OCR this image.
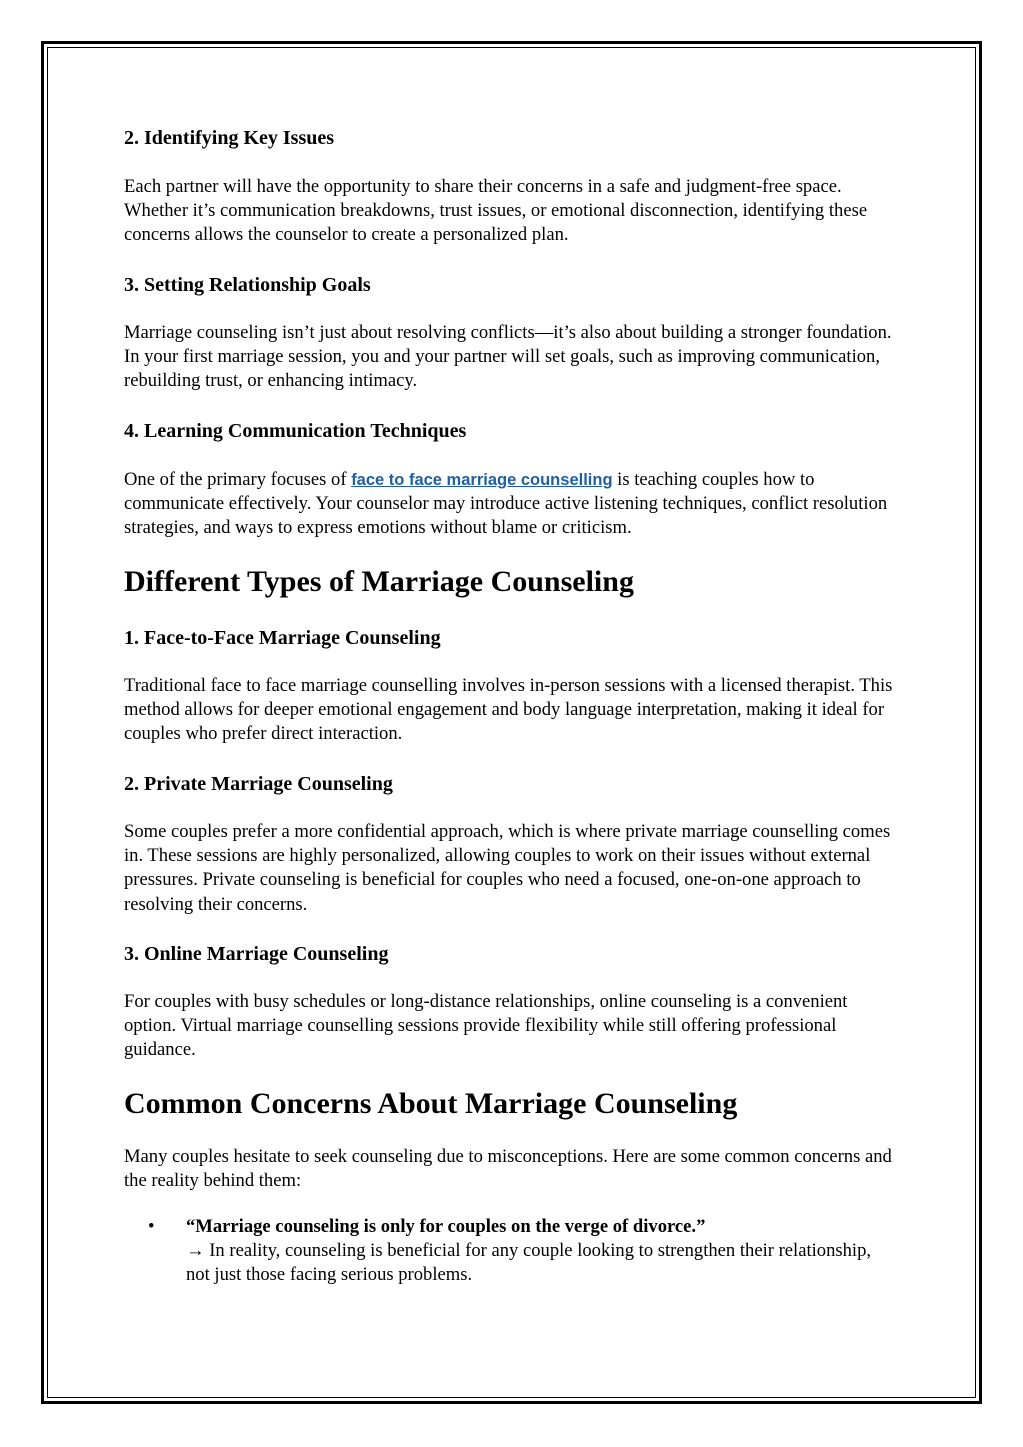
2. Identifying Key Issues

Each partner will have the opportunity to share their concerns in a safe and judgment-free space. Whether it’s communication breakdowns, trust issues, or emotional disconnection, identifying these concerns allows the counselor to create a personalized plan.

3. Setting Relationship Goals

Marriage counseling isn’t just about resolving conflicts—it’s also about building a stronger foundation. In your first marriage session, you and your partner will set goals, such as improving communication, rebuilding trust, or enhancing intimacy.

4. Learning Communication Techniques

One of the primary focuses of face to face marriage counselling is teaching couples how to communicate effectively. Your counselor may introduce active listening techniques, conflict resolution strategies, and ways to express emotions without blame or criticism.

Different Types of Marriage Counseling
1. Face-to-Face Marriage Counseling

Traditional face to face marriage counselling involves in-person sessions with a licensed therapist. This method allows for deeper emotional engagement and body language interpretation, making it ideal for couples who prefer direct interaction.

2. Private Marriage Counseling

Some couples prefer a more confidential approach, which is where private marriage counselling comes in. These sessions are highly personalized, allowing couples to work on their issues without external pressures. Private counseling is beneficial for couples who need a focused, one-on-one approach to resolving their concerns.

3. Online Marriage Counseling

For couples with busy schedules or long-distance relationships, online counseling is a convenient option. Virtual marriage counselling sessions provide flexibility while still offering professional guidance.

Common Concerns About Marriage Counseling

Many couples hesitate to seek counseling due to misconceptions. Here are some common concerns and the reality behind them:

• “Marriage counseling is only for couples on the verge of divorce.”
→ In reality, counseling is beneficial for any couple looking to strengthen their relationship, not just those facing serious problems.
